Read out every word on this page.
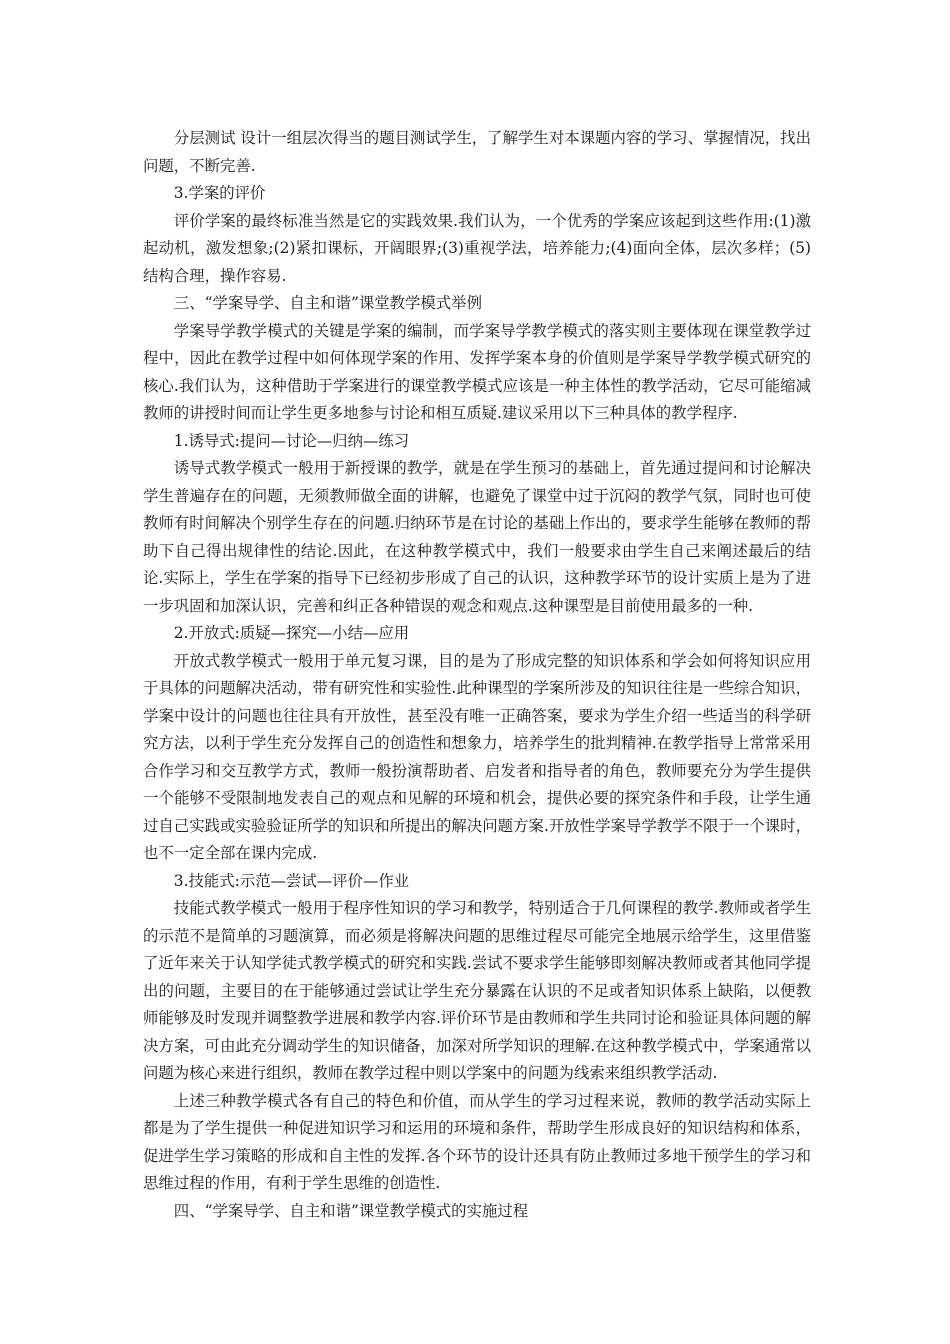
分层测试 设计一组层次得当的题目测试学生，了解学生对本课题内容的学习、掌握情况，找出问题，不断完善.

3.学案的评价

评价学案的最终标准当然是它的实践效果.我们认为，一个优秀的学案应该起到这些作用:(1)激起动机，激发想象;(2)紧扣课标，开阔眼界;(3)重视学法，培养能力;(4)面向全体，层次多样；(5)结构合理，操作容易.

三、“学案导学、自主和谐”课堂教学模式举例

学案导学教学模式的关键是学案的编制，而学案导学教学模式的落实则主要体现在课堂教学过程中，因此在教学过程中如何体现学案的作用、发挥学案本身的价值则是学案导学教学模式研究的核心.我们认为，这种借助于学案进行的课堂教学模式应该是一种主体性的教学活动，它尽可能缩减教师的讲授时间而让学生更多地参与讨论和相互质疑.建议采用以下三种具体的教学程序.

1.诱导式:提问—讨论—归纳—练习

诱导式教学模式一般用于新授课的教学，就是在学生预习的基础上，首先通过提问和讨论解决学生普遍存在的问题，无须教师做全面的讲解，也避免了课堂中过于沉闷的教学气氛，同时也可使教师有时间解决个别学生存在的问题.归纳环节是在讨论的基础上作出的，要求学生能够在教师的帮助下自己得出规律性的结论.因此，在这种教学模式中，我们一般要求由学生自己来阐述最后的结论.实际上，学生在学案的指导下已经初步形成了自己的认识，这种教学环节的设计实质上是为了进一步巩固和加深认识，完善和纠正各种错误的观念和观点.这种课型是目前使用最多的一种.

2.开放式:质疑—探究—小结—应用

开放式教学模式一般用于单元复习课，目的是为了形成完整的知识体系和学会如何将知识应用于具体的问题解决活动，带有研究性和实验性.此种课型的学案所涉及的知识往往是一些综合知识，学案中设计的问题也往往具有开放性，甚至没有唯一正确答案，要求为学生介绍一些适当的科学研究方法，以利于学生充分发挥自己的创造性和想象力，培养学生的批判精神.在教学指导上常常采用合作学习和交互教学方式，教师一般扮演帮助者、启发者和指导者的角色，教师要充分为学生提供一个能够不受限制地发表自己的观点和见解的环境和机会，提供必要的探究条件和手段，让学生通过自己实践或实验验证所学的知识和所提出的解决问题方案.开放性学案导学教学不限于一个课时，也不一定全部在课内完成.

3.技能式:示范—尝试—评价—作业

技能式教学模式一般用于程序性知识的学习和教学，特别适合于几何课程的教学.教师或者学生的示范不是简单的习题演算，而必须是将解决问题的思维过程尽可能完全地展示给学生，这里借鉴了近年来关于认知学徒式教学模式的研究和实践.尝试不要求学生能够即刻解决教师或者其他同学提出的问题，主要目的在于能够通过尝试让学生充分暴露在认识的不足或者知识体系上缺陷，以便教师能够及时发现并调整教学进展和教学内容.评价环节是由教师和学生共同讨论和验证具体问题的解决方案，可由此充分调动学生的知识储备，加深对所学知识的理解.在这种教学模式中，学案通常以问题为核心来进行组织，教师在教学过程中则以学案中的问题为线索来组织教学活动.

上述三种教学模式各有自己的特色和价值，而从学生的学习过程来说，教师的教学活动实际上都是为了学生提供一种促进知识学习和运用的环境和条件，帮助学生形成良好的知识结构和体系，促进学生学习策略的形成和自主性的发挥.各个环节的设计还具有防止教师过多地干预学生的学习和思维过程的作用，有利于学生思维的创造性.

四、“学案导学、自主和谐”课堂教学模式的实施过程
